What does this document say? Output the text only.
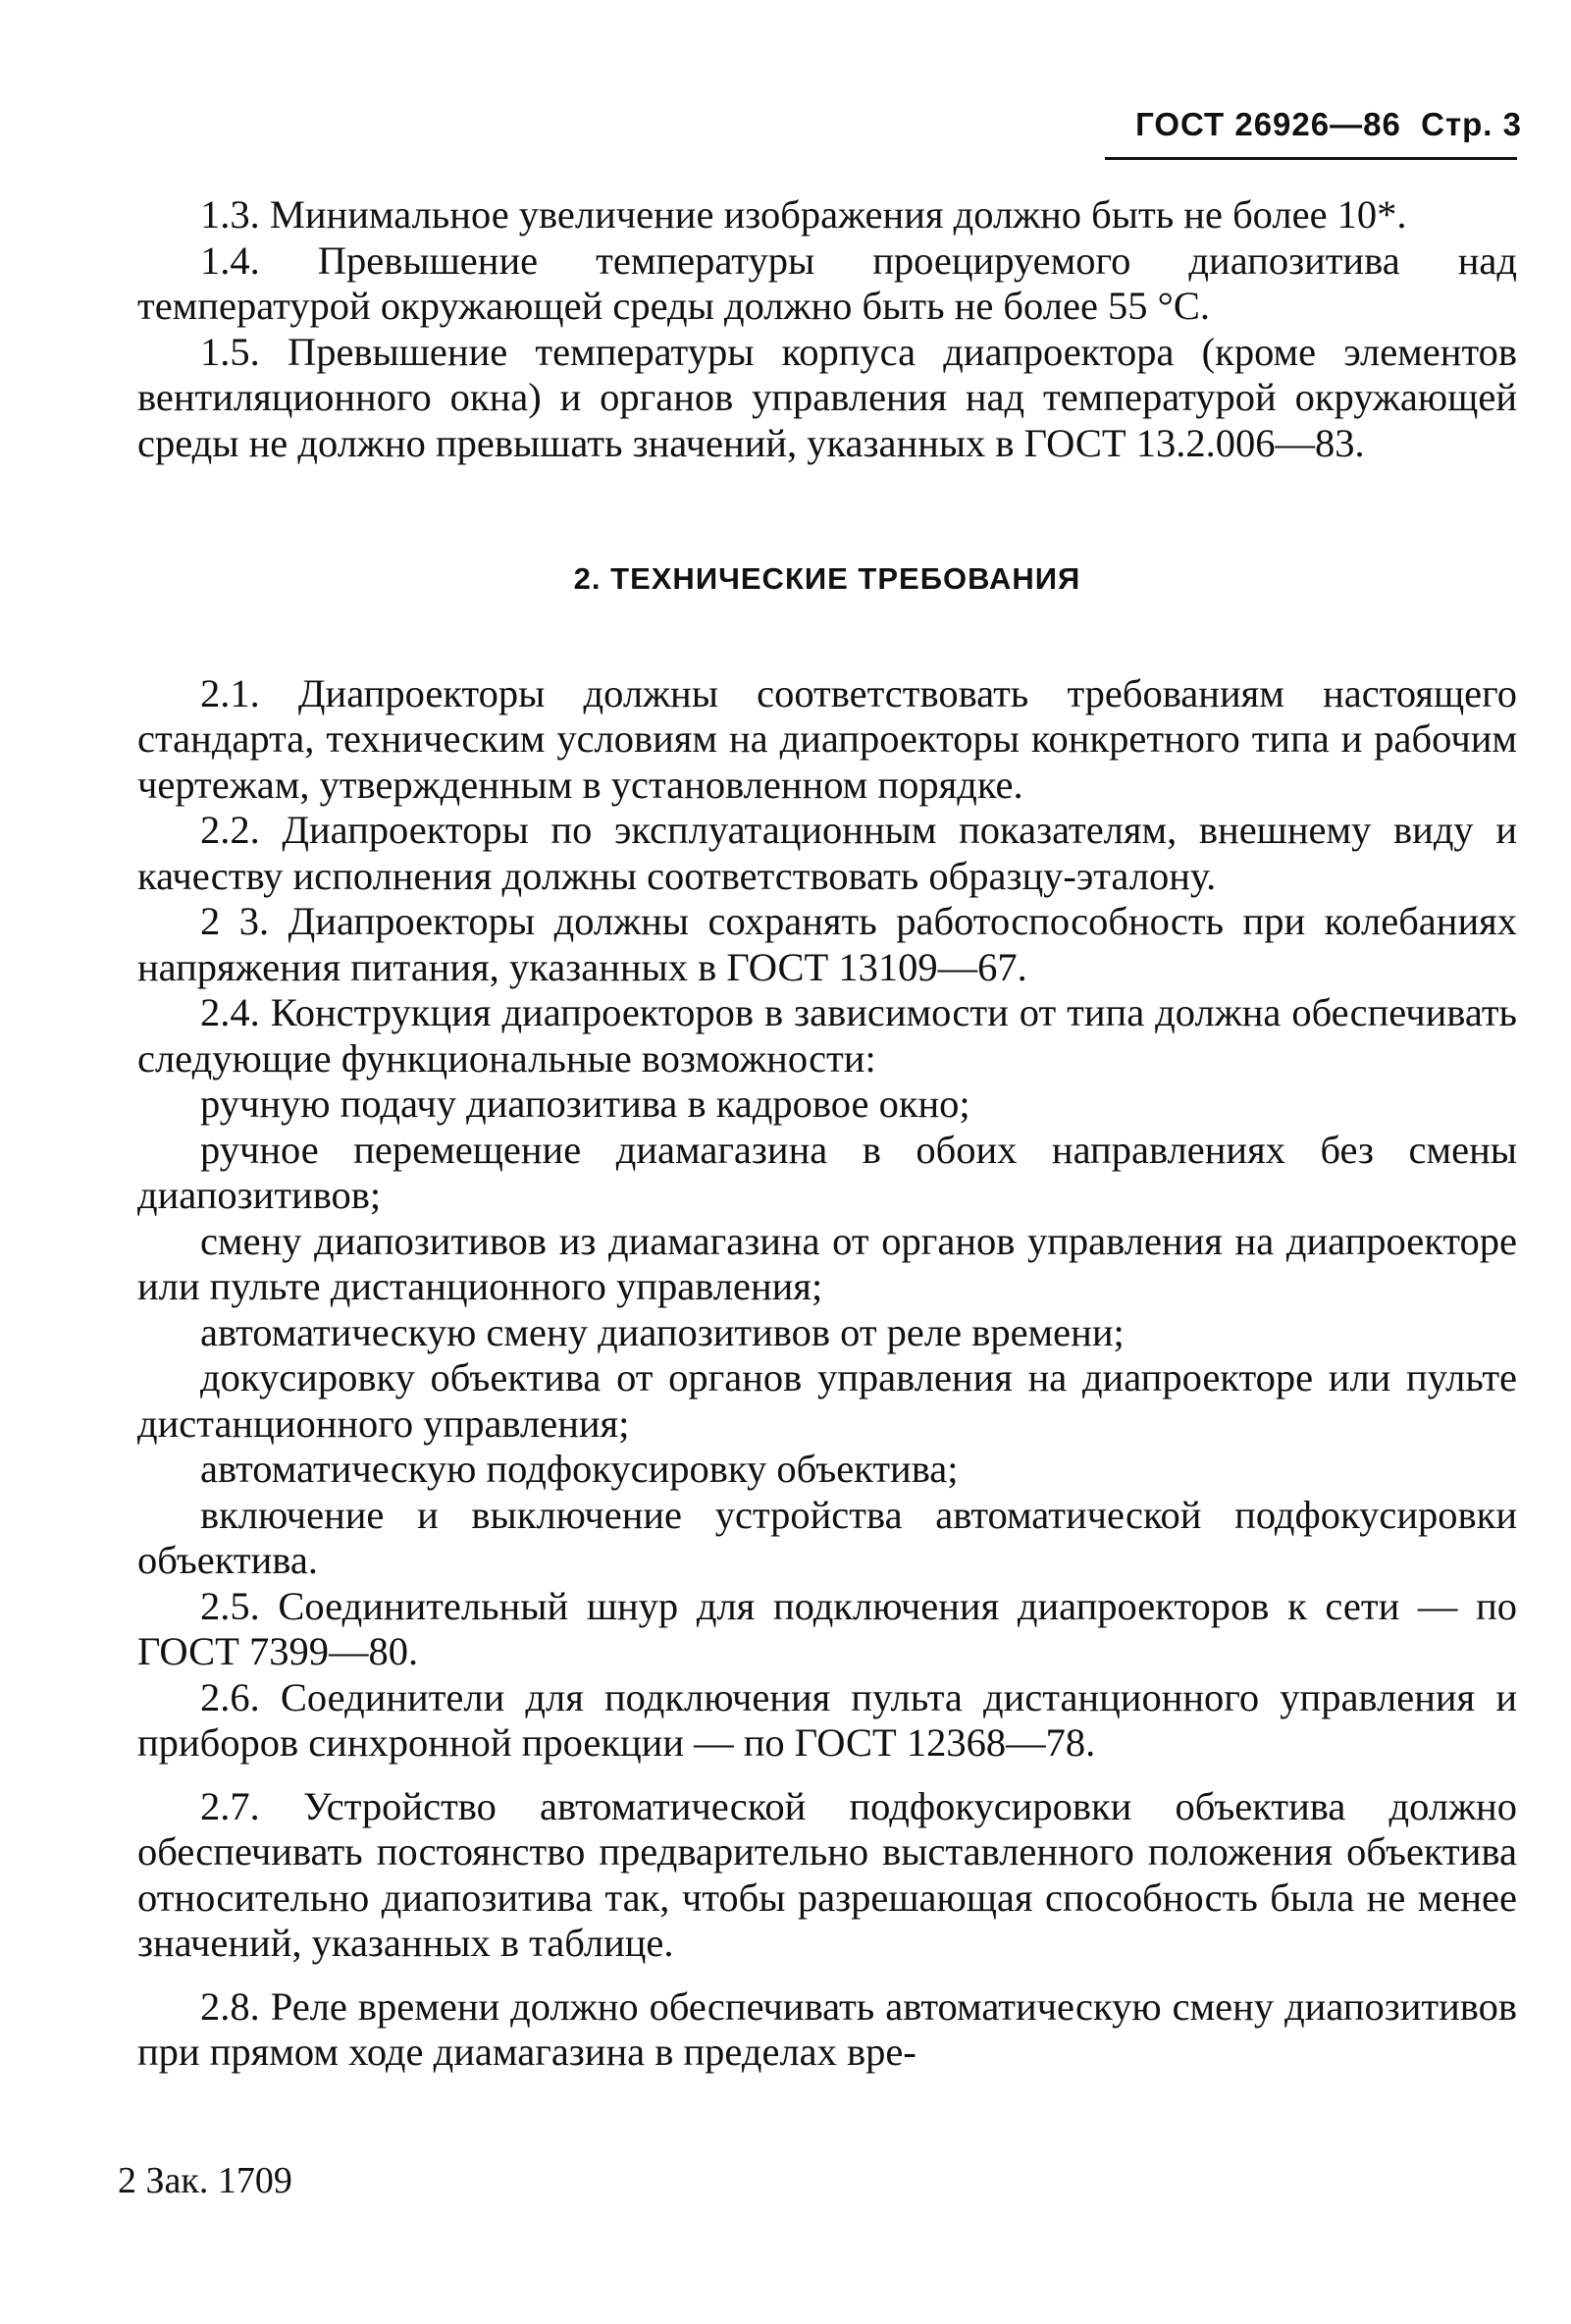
ГОСТ 26926—86  Стр. 3

1.3. Минимальное увеличение изображения должно быть не более 10*.

1.4. Превышение температуры проецируемого диапозитива над температурой окружающей среды должно быть не более 55 °С.

1.5. Превышение температуры корпуса диапроектора (кроме элементов вентиляционного окна) и органов управления над температурой окружающей среды не должно превышать значений, указанных в ГОСТ 13.2.006—83.

2. ТЕХНИЧЕСКИЕ ТРЕБОВАНИЯ

2.1. Диапроекторы должны соответствовать требованиям настоящего стандарта, техническим условиям на диапроекторы конкретного типа и рабочим чертежам, утвержденным в установленном порядке.

2.2. Диапроекторы по эксплуатационным показателям, внешнему виду и качеству исполнения должны соответствовать образцу-эталону.

2 3. Диапроекторы должны сохранять работоспособность при колебаниях напряжения питания, указанных в ГОСТ 13109—67.

2.4. Конструкция диапроекторов в зависимости от типа должна обеспечивать следующие функциональные возможности:

ручную подачу диапозитива в кадровое окно;

ручное перемещение диамагазина в обоих направлениях без смены диапозитивов;

смену диапозитивов из диамагазина от органов управления на диапроекторе или пульте дистанционного управления;

автоматическую смену диапозитивов от реле времени;

докусировку объектива от органов управления на диапроекторе или пульте дистанционного управления;

автоматическую подфокусировку объектива;

включение и выключение устройства автоматической подфокусировки объектива.

2.5. Соединительный шнур для подключения диапроекторов к сети — по ГОСТ 7399—80.

2.6. Соединители для подключения пульта дистанционного управления и приборов синхронной проекции — по ГОСТ 12368—78.

2.7. Устройство автоматической подфокусировки объектива должно обеспечивать постоянство предварительно выставленного положения объектива относительно диапозитива так, чтобы разрешающая способность была не менее значений, указанных в таблице.

2.8. Реле времени должно обеспечивать автоматическую смену диапозитивов при прямом ходе диамагазина в пределах вре-

2 Зак. 1709
